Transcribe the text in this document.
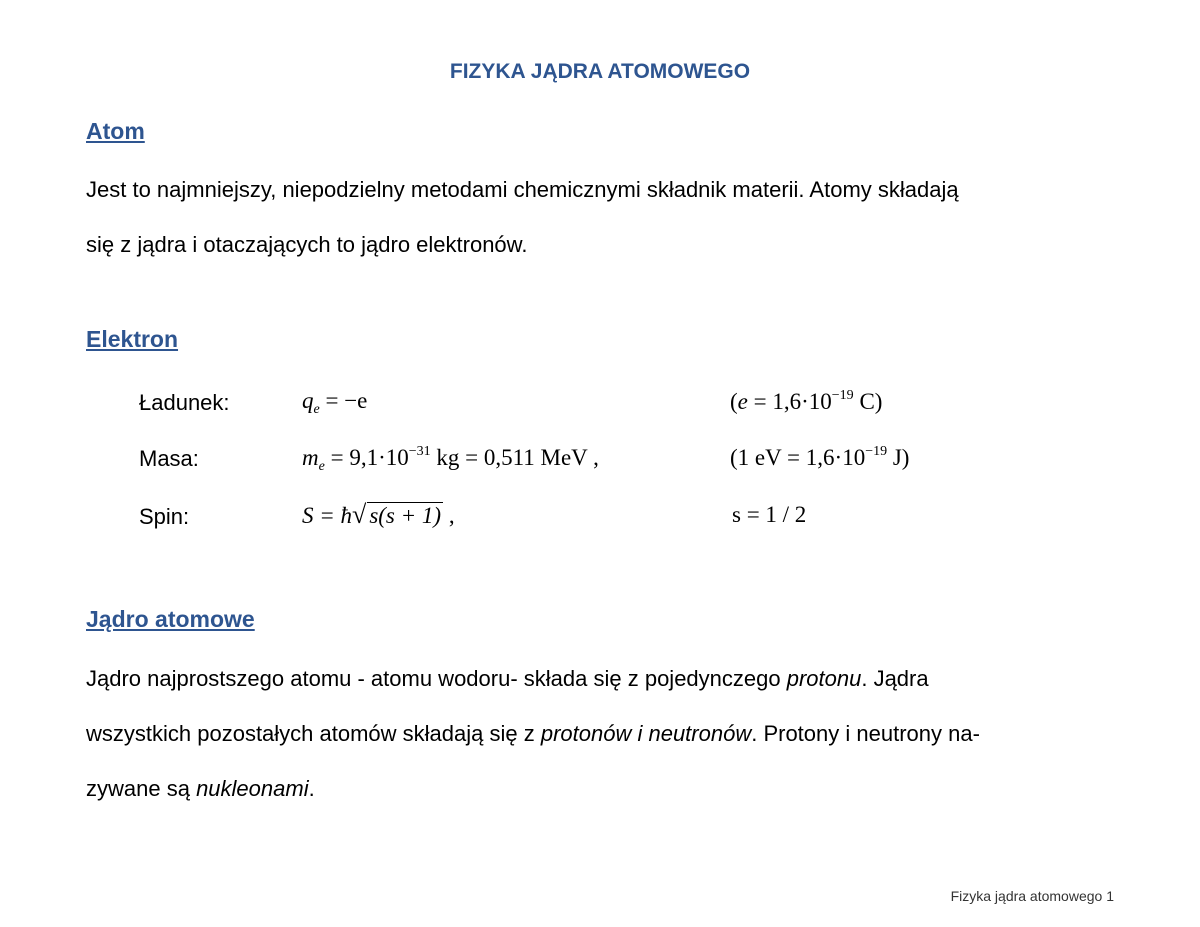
FIZYKA JĄDRA ATOMOWEGO
Atom
Jest to najmniejszy, niepodzielny metodami chemicznymi składnik materii. Atomy składają
się z jądra i otaczających to jądro elektronów.
Elektron
Ładunek:	$q_e = -e$	($e = 1,6\cdot 10^{-19}$ C)
Masa:	$m_e = 9,1\cdot 10^{-31}$ kg = 0,511 MeV ,	(1 eV = $1,6\cdot 10^{-19}$ J)
Spin:	S = ħ√ s(s + 1) ,	s = 1 / 2
Jądro atomowe
Jądro najprostszego atomu - atomu wodoru- składa się z pojedynczego protonu. Jądra
wszystkich pozostałych atomów składają się z protonów i neutronów. Protony i neutrony na-
zywane są nukleonami.
Fizyka jądra atomowego 1
